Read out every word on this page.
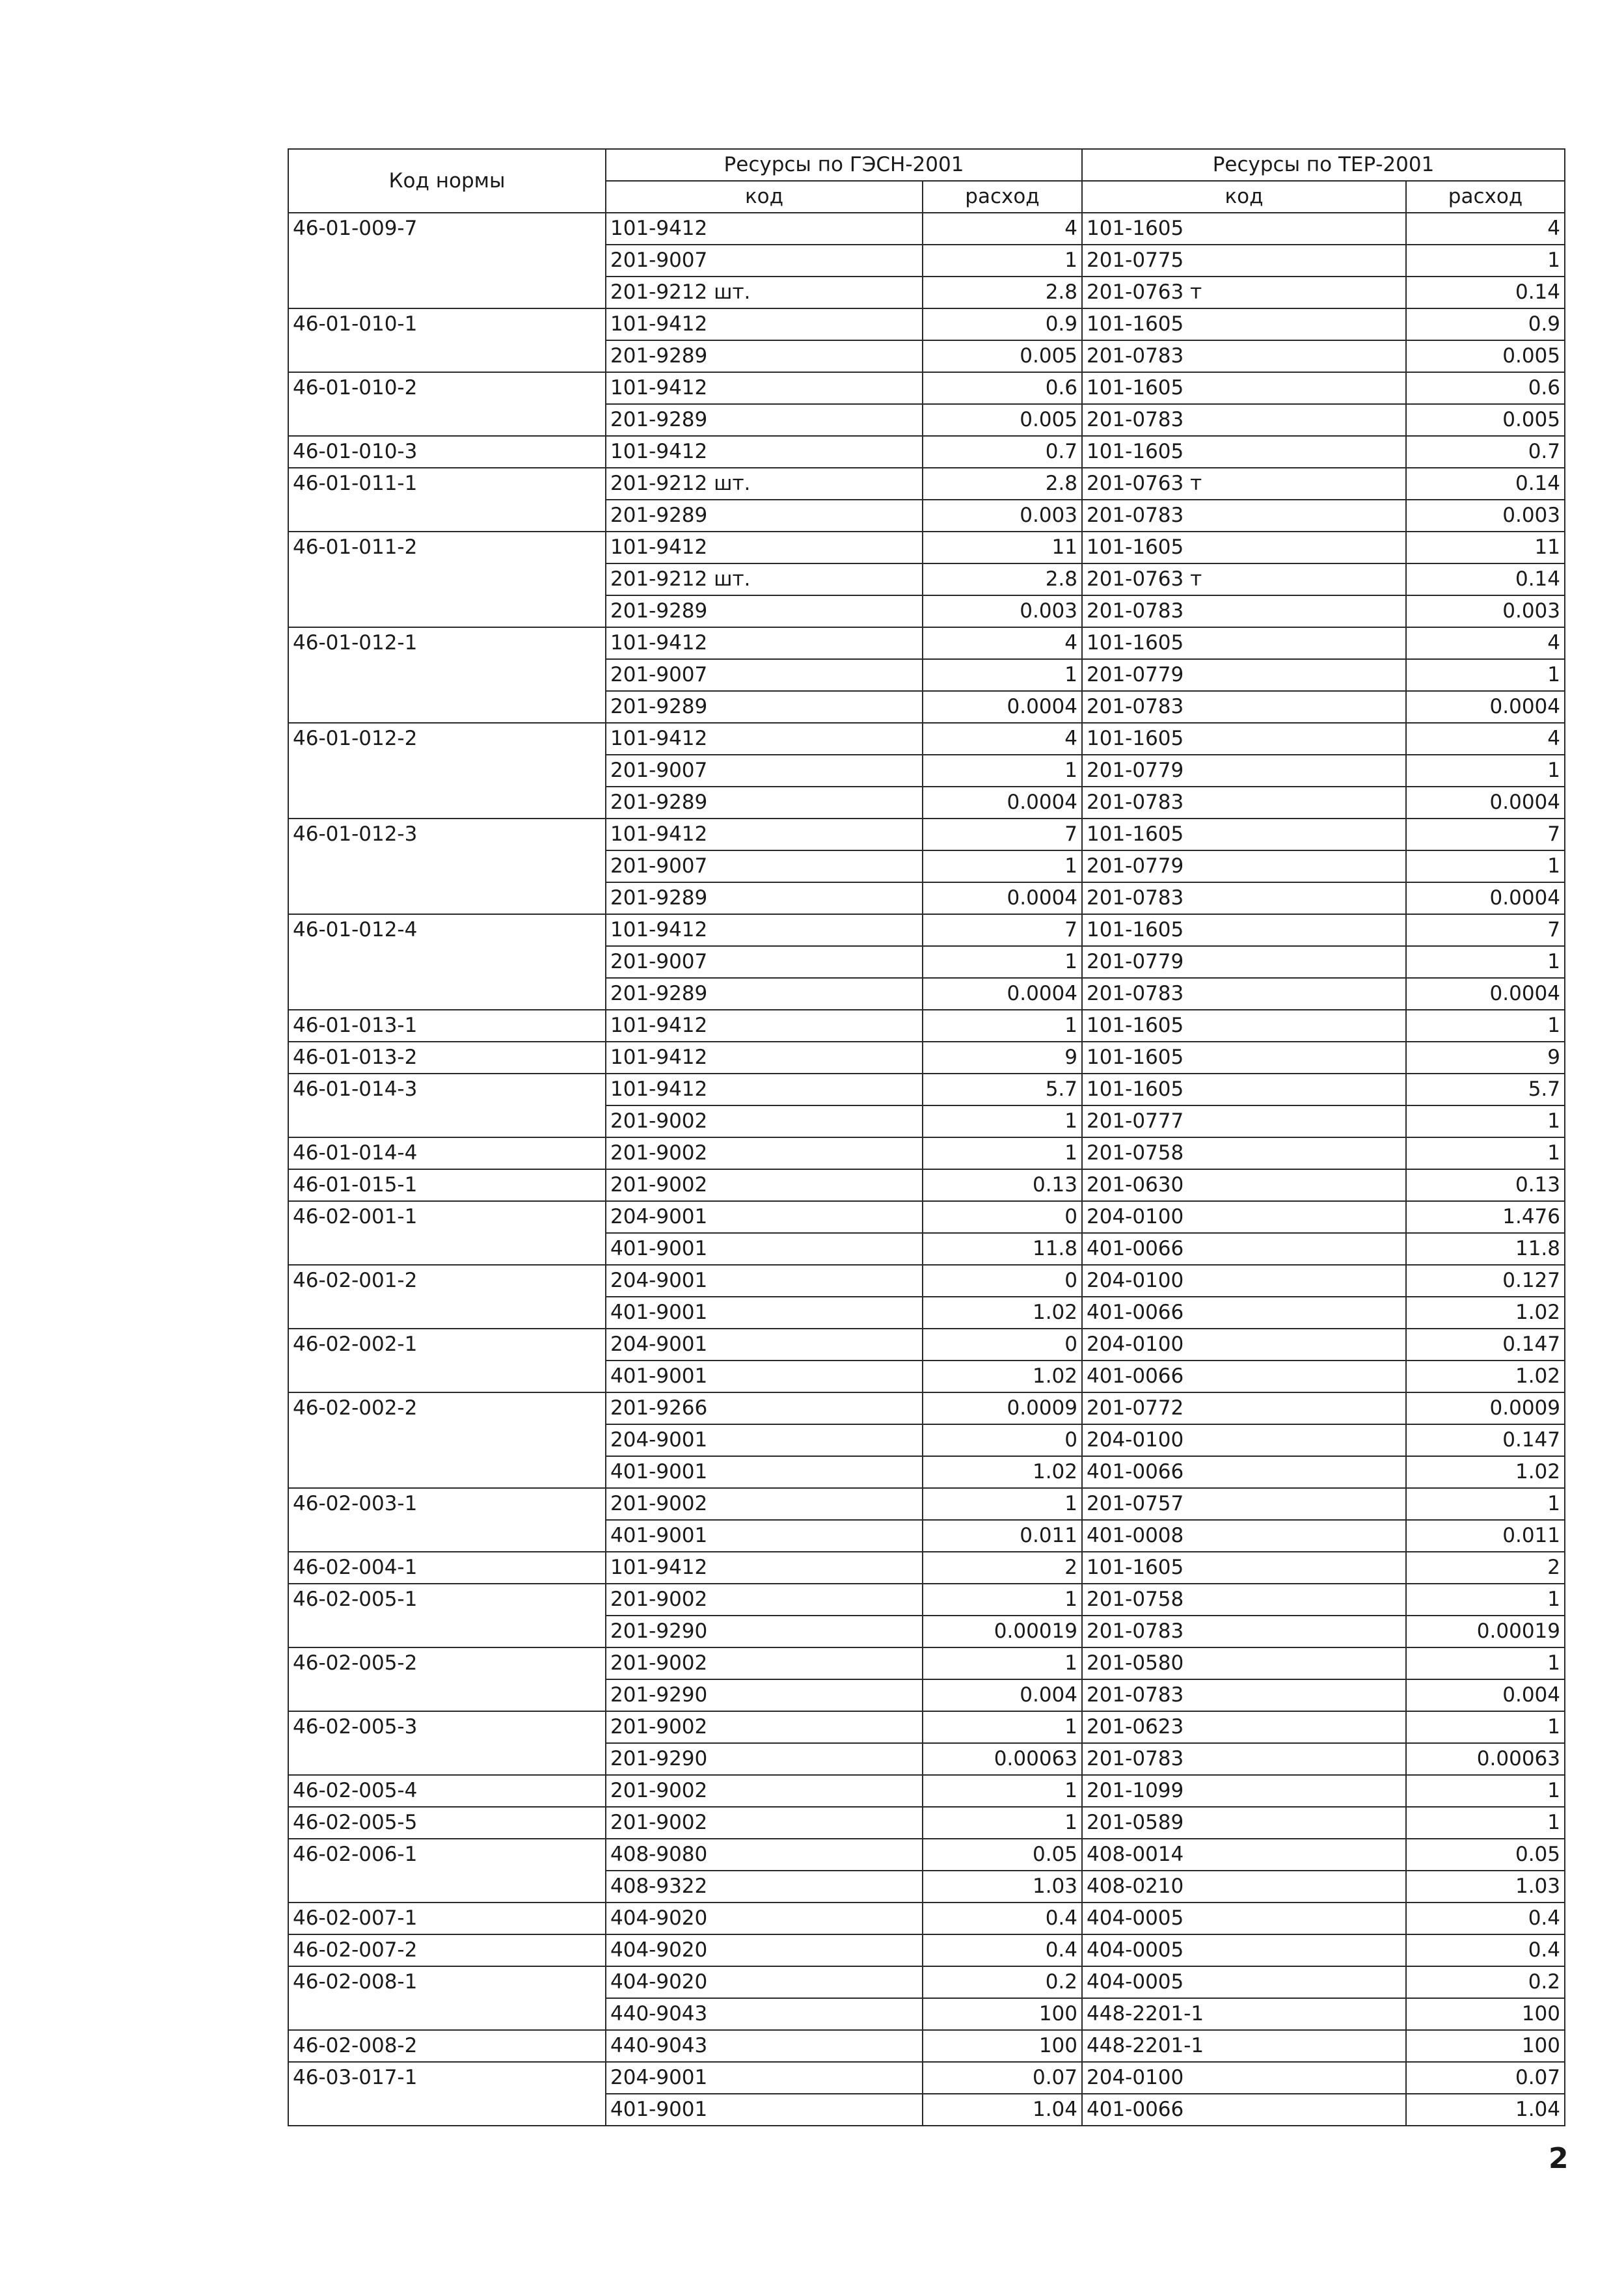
Код нормы	Ресурсы по ГЭСН-2001		Ресурсы по ТЕР-2001	
	код	расход	код	расход
46-01-009-7	101-9412	4	101-1605	4
	201-9007	1	201-0775	1
	201-9212 шт.	2.8	201-0763 т	0.14
46-01-010-1	101-9412	0.9	101-1605	0.9
	201-9289	0.005	201-0783	0.005
46-01-010-2	101-9412	0.6	101-1605	0.6
	201-9289	0.005	201-0783	0.005
46-01-010-3	101-9412	0.7	101-1605	0.7
46-01-011-1	201-9212 шт.	2.8	201-0763 т	0.14
	201-9289	0.003	201-0783	0.003
46-01-011-2	101-9412	11	101-1605	11
	201-9212 шт.	2.8	201-0763 т	0.14
	201-9289	0.003	201-0783	0.003
46-01-012-1	101-9412	4	101-1605	4
	201-9007	1	201-0779	1
	201-9289	0.0004	201-0783	0.0004
46-01-012-2	101-9412	4	101-1605	4
	201-9007	1	201-0779	1
	201-9289	0.0004	201-0783	0.0004
46-01-012-3	101-9412	7	101-1605	7
	201-9007	1	201-0779	1
	201-9289	0.0004	201-0783	0.0004
46-01-012-4	101-9412	7	101-1605	7
	201-9007	1	201-0779	1
	201-9289	0.0004	201-0783	0.0004
46-01-013-1	101-9412	1	101-1605	1
46-01-013-2	101-9412	9	101-1605	9
46-01-014-3	101-9412	5.7	101-1605	5.7
	201-9002	1	201-0777	1
46-01-014-4	201-9002	1	201-0758	1
46-01-015-1	201-9002	0.13	201-0630	0.13
46-02-001-1	204-9001	0	204-0100	1.476
	401-9001	11.8	401-0066	11.8
46-02-001-2	204-9001	0	204-0100	0.127
	401-9001	1.02	401-0066	1.02
46-02-002-1	204-9001	0	204-0100	0.147
	401-9001	1.02	401-0066	1.02
46-02-002-2	201-9266	0.0009	201-0772	0.0009
	204-9001	0	204-0100	0.147
	401-9001	1.02	401-0066	1.02
46-02-003-1	201-9002	1	201-0757	1
	401-9001	0.011	401-0008	0.011
46-02-004-1	101-9412	2	101-1605	2
46-02-005-1	201-9002	1	201-0758	1
	201-9290	0.00019	201-0783	0.00019
46-02-005-2	201-9002	1	201-0580	1
	201-9290	0.004	201-0783	0.004
46-02-005-3	201-9002	1	201-0623	1
	201-9290	0.00063	201-0783	0.00063
46-02-005-4	201-9002	1	201-1099	1
46-02-005-5	201-9002	1	201-0589	1
46-02-006-1	408-9080	0.05	408-0014	0.05
	408-9322	1.03	408-0210	1.03
46-02-007-1	404-9020	0.4	404-0005	0.4
46-02-007-2	404-9020	0.4	404-0005	0.4
46-02-008-1	404-9020	0.2	404-0005	0.2
	440-9043	100	448-2201-1	100
46-02-008-2	440-9043	100	448-2201-1	100
46-03-017-1	204-9001	0.07	204-0100	0.07
	401-9001	1.04	401-0066	1.04
2
